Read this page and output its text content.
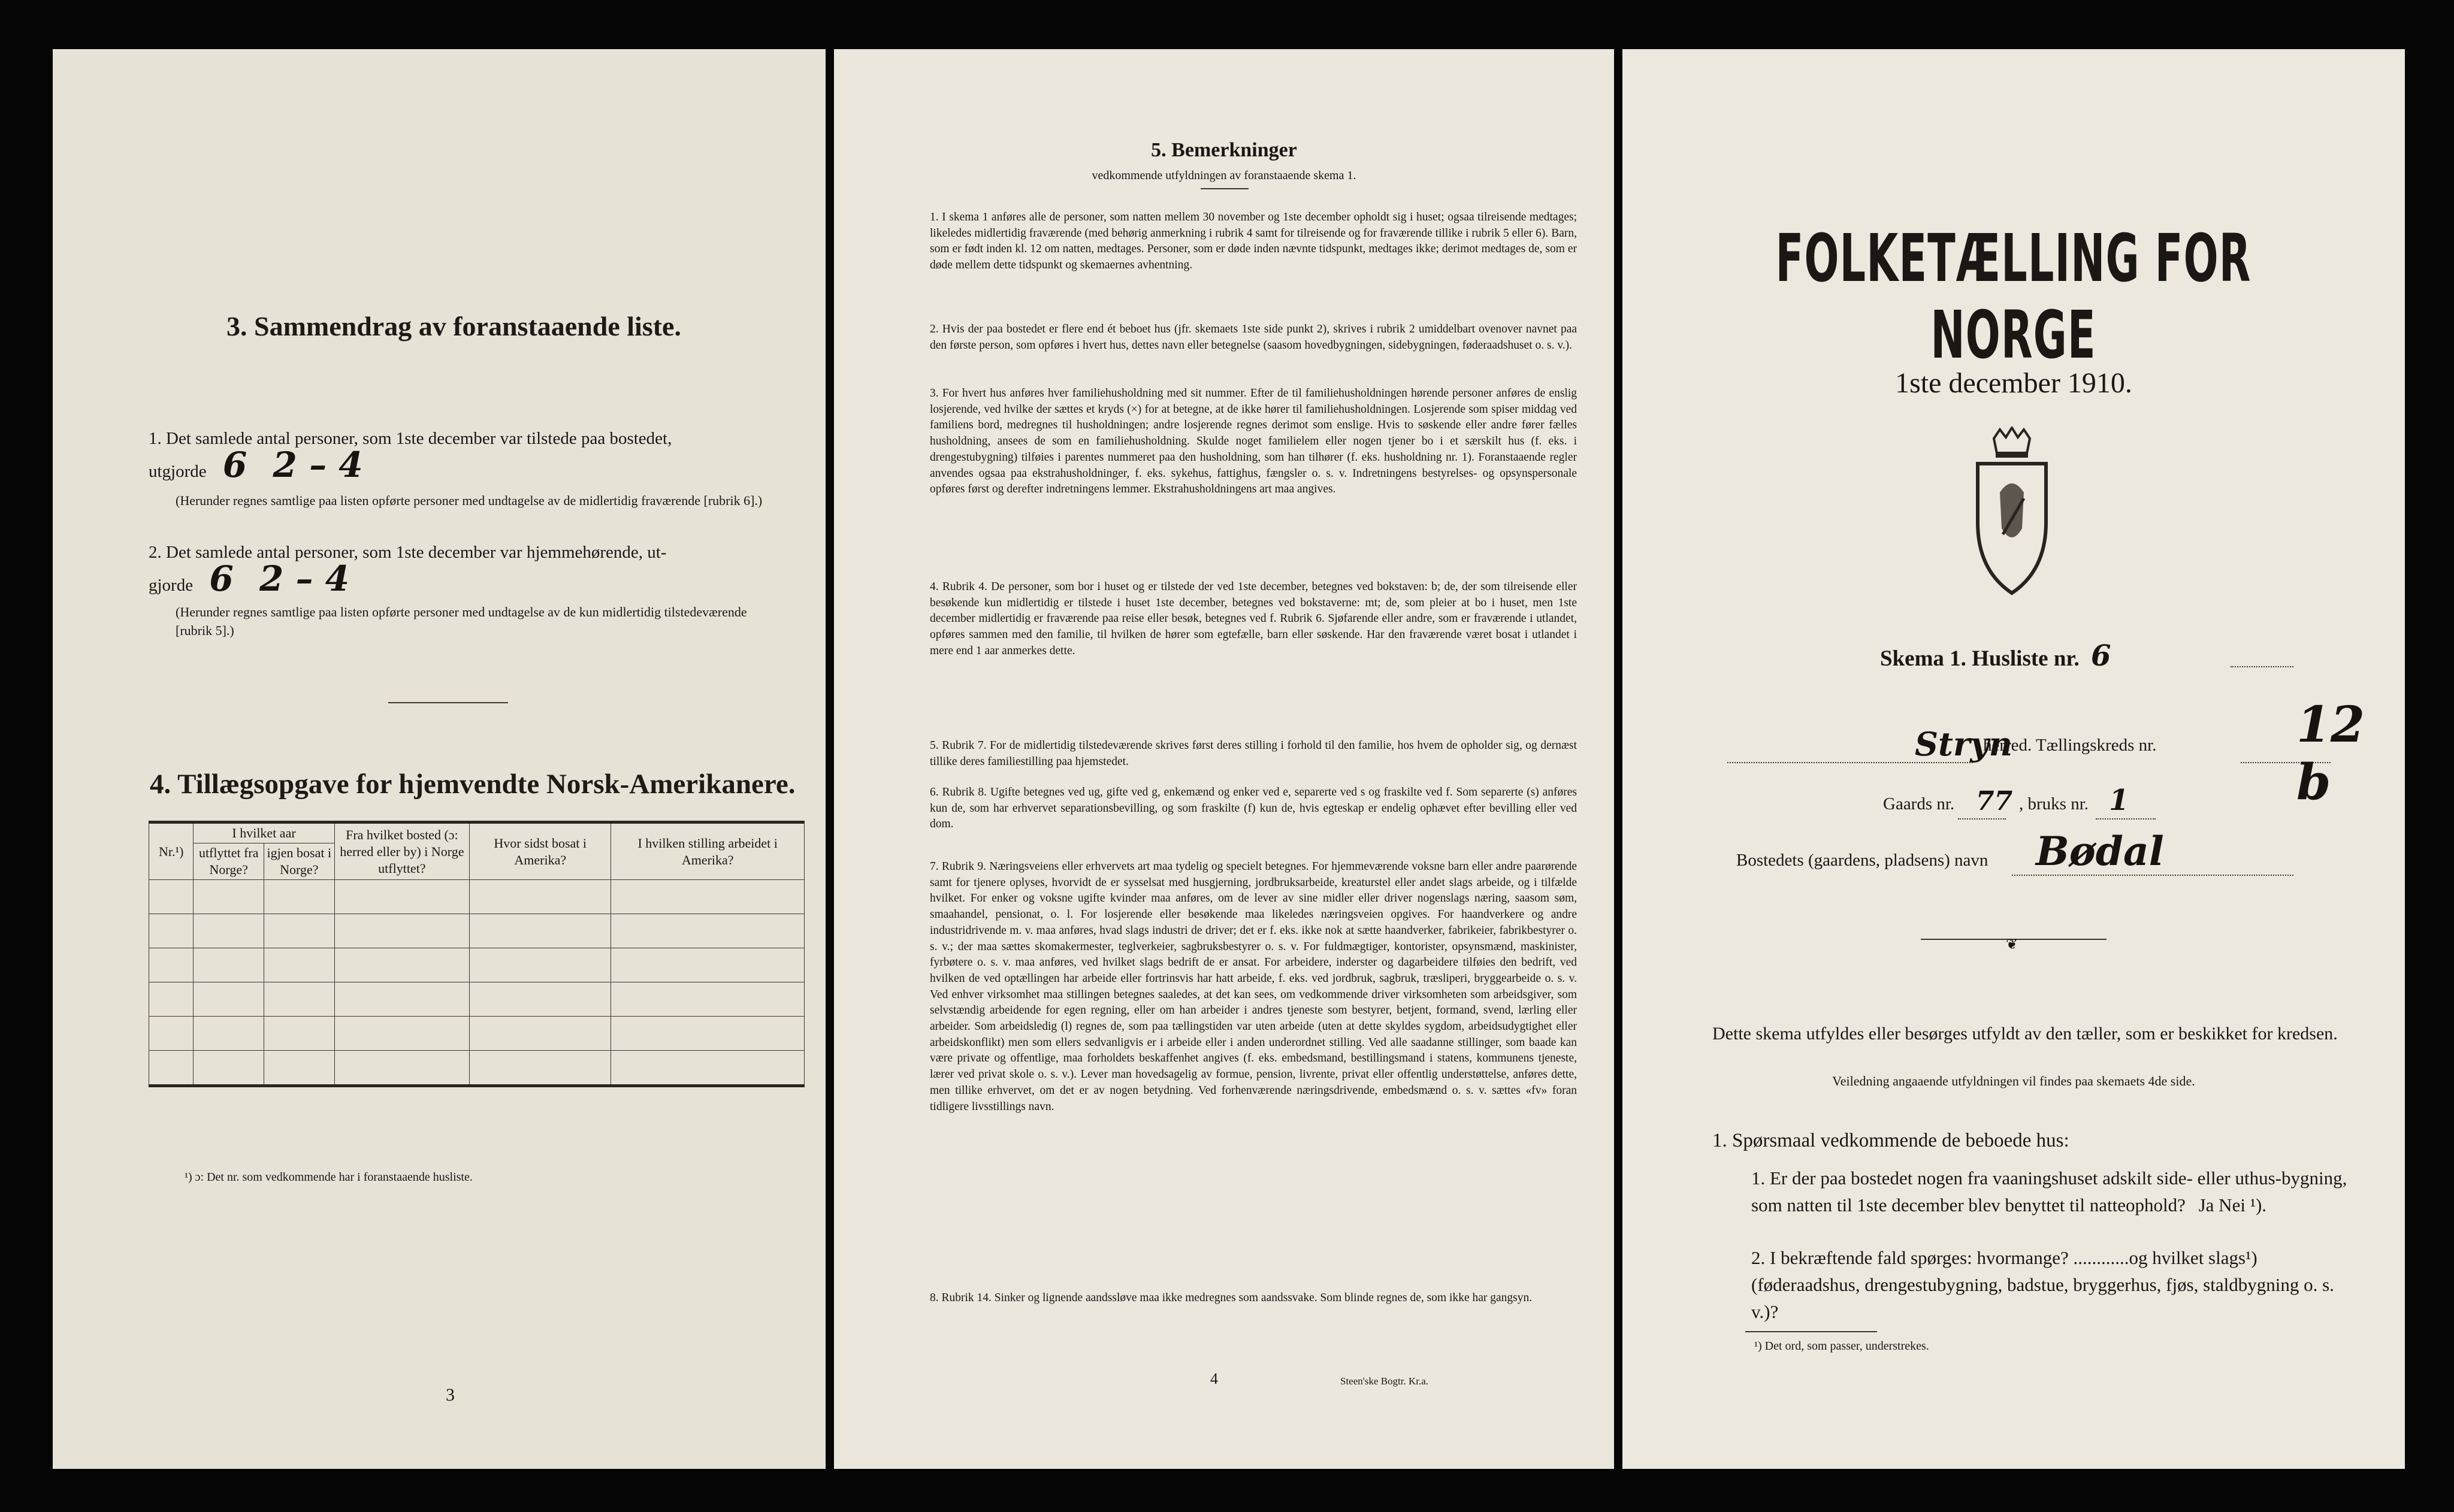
3. Sammendrag av foranstaaende liste.
1. Det samlede antal personer, som 1ste december var tilstede paa bostedet,
utgjorde 6 2 – 4
(Herunder regnes samtlige paa listen opførte personer med undtagelse av de midlertidig fraværende [rubrik 6].)
2. Det samlede antal personer, som 1ste december var hjemmehørende, ut-
gjorde 6 2 – 4
(Herunder regnes samtlige paa listen opførte personer med undtagelse av de kun midlertidig tilstedeværende [rubrik 5].)
4. Tillægsopgave for hjemvendte Norsk-Amerikanere.
Nr.¹)	I hvilket aar		Fra hvilket bosted (ɔ: herred eller by) i Norge utflyttet?	Hvor sidst bosat i Amerika?	I hvilken stilling arbeidet i Amerika?
	utflyttet fra Norge?	igjen bosat i Norge?			

¹) ɔ: Det nr. som vedkommende har i foranstaaende husliste.
3
5. Bemerkninger
vedkommende utfyldningen av foranstaaende skema 1.
1. I skema 1 anføres alle de personer, som natten mellem 30 november og 1ste december opholdt sig i huset; ogsaa tilreisende medtages; likeledes midlertidig fraværende (med behørig anmerkning i rubrik 4 samt for tilreisende og for fraværende tillike i rubrik 5 eller 6). Barn, som er født inden kl. 12 om natten, medtages. Personer, som er døde inden nævnte tidspunkt, medtages ikke; derimot medtages de, som er døde mellem dette tidspunkt og skemaernes avhentning.
2. Hvis der paa bostedet er flere end ét beboet hus (jfr. skemaets 1ste side punkt 2), skrives i rubrik 2 umiddelbart ovenover navnet paa den første person, som opføres i hvert hus, dettes navn eller betegnelse (saasom hovedbygningen, sidebygningen, føderaadshuset o. s. v.).
3. For hvert hus anføres hver familiehusholdning med sit nummer. Efter de til familiehusholdningen hørende personer anføres de enslig losjerende, ved hvilke der sættes et kryds (×) for at betegne, at de ikke hører til familiehusholdningen. Losjerende som spiser middag ved familiens bord, medregnes til husholdningen; andre losjerende regnes derimot som enslige. Hvis to søskende eller andre fører fælles husholdning, ansees de som en familiehusholdning. Skulde noget familielem eller nogen tjener bo i et særskilt hus (f. eks. i drengestubygning) tilføies i parentes nummeret paa den husholdning, som han tilhører (f. eks. husholdning nr. 1). Foranstaaende regler anvendes ogsaa paa ekstrahusholdninger, f. eks. sykehus, fattighus, fængsler o. s. v. Indretningens bestyrelses- og opsynspersonale opføres først og derefter indretningens lemmer. Ekstrahusholdningens art maa angives.
4. Rubrik 4. De personer, som bor i huset og er tilstede der ved 1ste december, betegnes ved bokstaven: b; de, der som tilreisende eller besøkende kun midlertidig er tilstede i huset 1ste december, betegnes ved bokstaverne: mt; de, som pleier at bo i huset, men 1ste december midlertidig er fraværende paa reise eller besøk, betegnes ved f. Rubrik 6. Sjøfarende eller andre, som er fraværende i utlandet, opføres sammen med den familie, til hvilken de hører som egtefælle, barn eller søskende. Har den fraværende været bosat i utlandet i mere end 1 aar anmerkes dette.
5. Rubrik 7. For de midlertidig tilstedeværende skrives først deres stilling i forhold til den familie, hos hvem de opholder sig, og dernæst tillike deres familiestilling paa hjemstedet.
6. Rubrik 8. Ugifte betegnes ved ug, gifte ved g, enkemænd og enker ved e, separerte ved s og fraskilte ved f. Som separerte (s) anføres kun de, som har erhvervet separationsbevilling, og som fraskilte (f) kun de, hvis egteskap er endelig ophævet efter bevilling eller ved dom.
7. Rubrik 9. Næringsveiens eller erhvervets art maa tydelig og specielt betegnes. For hjemmeværende voksne barn eller andre paarørende samt for tjenere oplyses, hvorvidt de er sysselsat med husgjerning, jordbruksarbeide, kreaturstel eller andet slags arbeide, og i tilfælde hvilket. For enker og voksne ugifte kvinder maa anføres, om de lever av sine midler eller driver nogenslags næring, saasom søm, smaahandel, pensionat, o. l. For losjerende eller besøkende maa likeledes næringsveien opgives. For haandverkere og andre industridrivende m. v. maa anføres, hvad slags industri de driver; det er f. eks. ikke nok at sætte haandverker, fabrikeier, fabrikbestyrer o. s. v.; der maa sættes skomakermester, teglverkeier, sagbruksbestyrer o. s. v. For fuldmægtiger, kontorister, opsynsmænd, maskinister, fyrbøtere o. s. v. maa anføres, ved hvilket slags bedrift de er ansat. For arbeidere, inderster og dagarbeidere tilføies den bedrift, ved hvilken de ved optællingen har arbeide eller fortrinsvis har hatt arbeide, f. eks. ved jordbruk, sagbruk, træsliperi, bryggearbeide o. s. v. Ved enhver virksomhet maa stillingen betegnes saaledes, at det kan sees, om vedkommende driver virksomheten som arbeidsgiver, som selvstændig arbeidende for egen regning, eller om han arbeider i andres tjeneste som bestyrer, betjent, formand, svend, lærling eller arbeider. Som arbeidsledig (l) regnes de, som paa tællingstiden var uten arbeide (uten at dette skyldes sygdom, arbeidsudygtighet eller arbeidskonflikt) men som ellers sedvanligvis er i arbeide eller i anden underordnet stilling. Ved alle saadanne stillinger, som baade kan være private og offentlige, maa forholdets beskaffenhet angives (f. eks. embedsmand, bestillingsmand i statens, kommunens tjeneste, lærer ved privat skole o. s. v.). Lever man hovedsagelig av formue, pension, livrente, privat eller offentlig understøttelse, anføres dette, men tillike erhvervet, om det er av nogen betydning. Ved forhenværende næringsdrivende, embedsmænd o. s. v. sættes «fv» foran tidligere livsstillings navn.
8. Rubrik 14. Sinker og lignende aandssløve maa ikke medregnes som aandssvake. Som blinde regnes de, som ikke har gangsyn.
4	Steen'ske Bogtr. Kr.a.
FOLKETÆLLING FOR NORGE
1ste december 1910.
Skema 1. Husliste nr. 6
Stryn
herred. Tællingskreds nr.	12 b
Gaards nr. 77 , bruks nr. 1
Bostedets (gaardens, pladsens) navn Bødal
❦
Dette skema utfyldes eller besørges utfyldt av den tæller, som er beskikket for kredsen.
Veiledning angaaende utfyldningen vil findes paa skemaets 4de side.
1. Spørsmaal vedkommende de beboede hus:
1. Er der paa bostedet nogen fra vaaningshuset adskilt side- eller uthus-bygning, som natten til 1ste december blev benyttet til natteophold? Ja Nei ¹).
2. I bekræftende fald spørges: hvormange? ............og hvilket slags¹) (føderaadshus, drengestubygning, badstue, bryggerhus, fjøs, staldbygning o. s. v.)?
¹) Det ord, som passer, understrekes.
